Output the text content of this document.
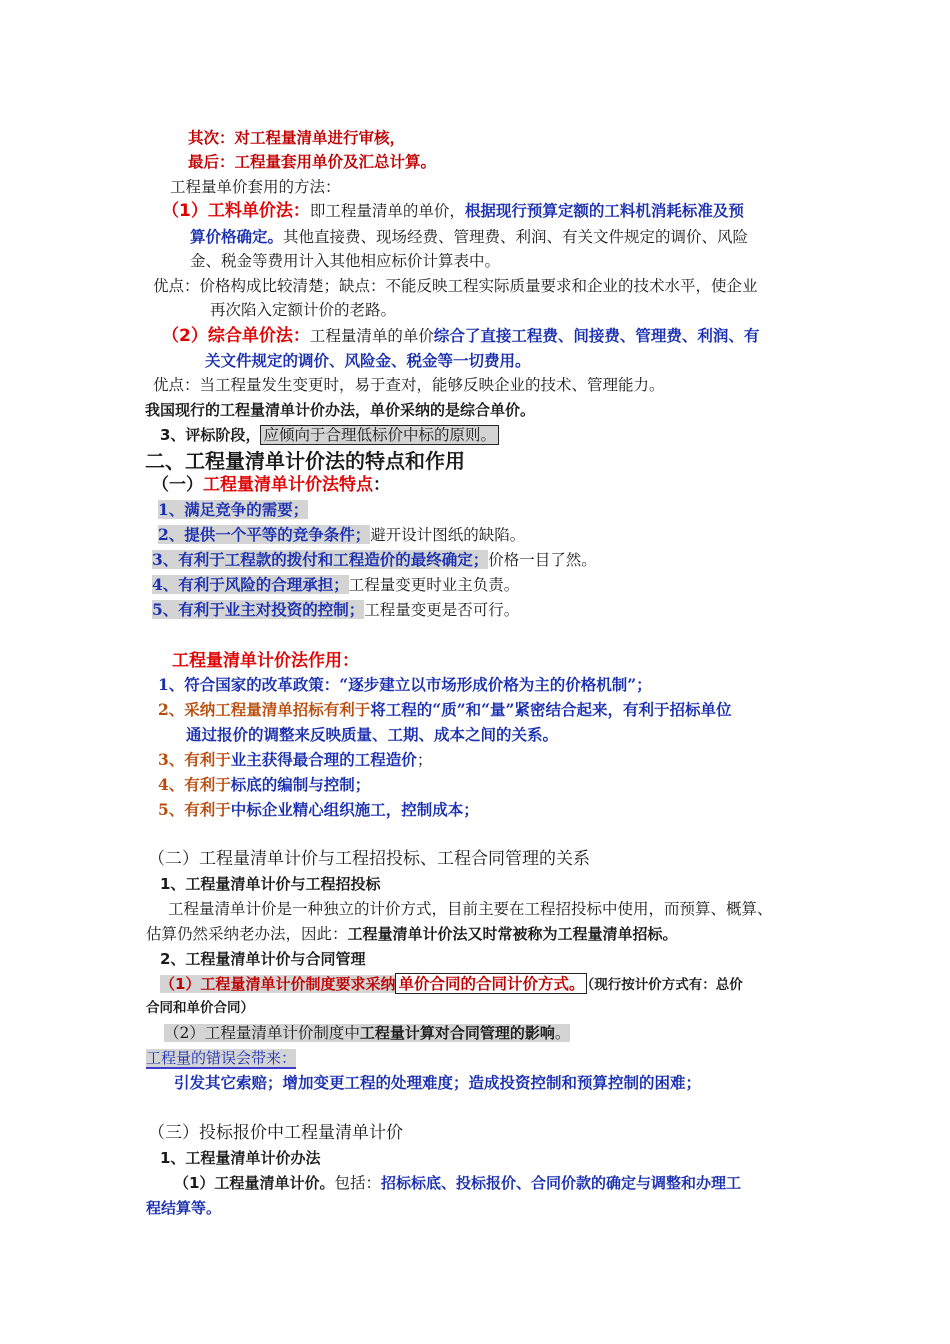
其次：对工程量清单进行审核，
最后：工程量套用单价及汇总计算。
工程量单价套用的方法：
（1）工料单价法：即工程量清单的单价，根据现行预算定额的工料机消耗标准及预
算价格确定。其他直接费、现场经费、管理费、利润、有关文件规定的调价、风险
金、税金等费用计入其他相应标价计算表中。
优点：价格构成比较清楚；缺点：不能反映工程实际质量要求和企业的技术水平，使企业
再次陷入定额计价的老路。
（2）综合单价法：工程量清单的单价综合了直接工程费、间接费、管理费、利润、有
关文件规定的调价、风险金、税金等一切费用。
优点：当工程量发生变更时，易于查对，能够反映企业的技术、管理能力。
我国现行的工程量清单计价办法，单价采纳的是综合单价。
3、评标阶段， 应倾向于合理低标价中标的原则。
二、工程量清单计价法的特点和作用
（一）工程量清单计价法特点：
1、满足竞争的需要；
2、提供一个平等的竞争条件；避开设计图纸的缺陷。
3、有利于工程款的拨付和工程造价的最终确定；价格一目了然。
4、有利于风险的合理承担；工程量变更时业主负责。
5、有利于业主对投资的控制；工程量变更是否可行。
工程量清单计价法作用：
1、符合国家的改革政策：“逐步建立以市场形成价格为主的价格机制”；
2、采纳工程量清单招标有利于将工程的“质”和“量”紧密结合起来，有利于招标单位
通过报价的调整来反映质量、工期、成本之间的关系。
3、有利于业主获得最合理的工程造价；
4、有利于标底的编制与控制；
5、有利于中标企业精心组织施工，控制成本；
（二）工程量清单计价与工程招投标、工程合同管理的关系
1、工程量清单计价与工程招投标
工程量清单计价是一种独立的计价方式，目前主要在工程招投标中使用，而预算、概算、
估算仍然采纳老办法，因此：工程量清单计价法又时常被称为工程量清单招标。
2、工程量清单计价与合同管理
（1）工程量清单计价制度要求采纳 单价合同的合同计价方式。 （现行按计价方式有：总价
合同和单价合同）
（2）工程量清单计价制度中工程量计算对合同管理的影响。
工程量的错误会带来：
引发其它索赔；增加变更工程的处理难度；造成投资控制和预算控制的困难；
（三）投标报价中工程量清单计价
1、工程量清单计价办法
（1）工程量清单计价。包括：招标标底、投标报价、合同价款的确定与调整和办理工
程结算等。
